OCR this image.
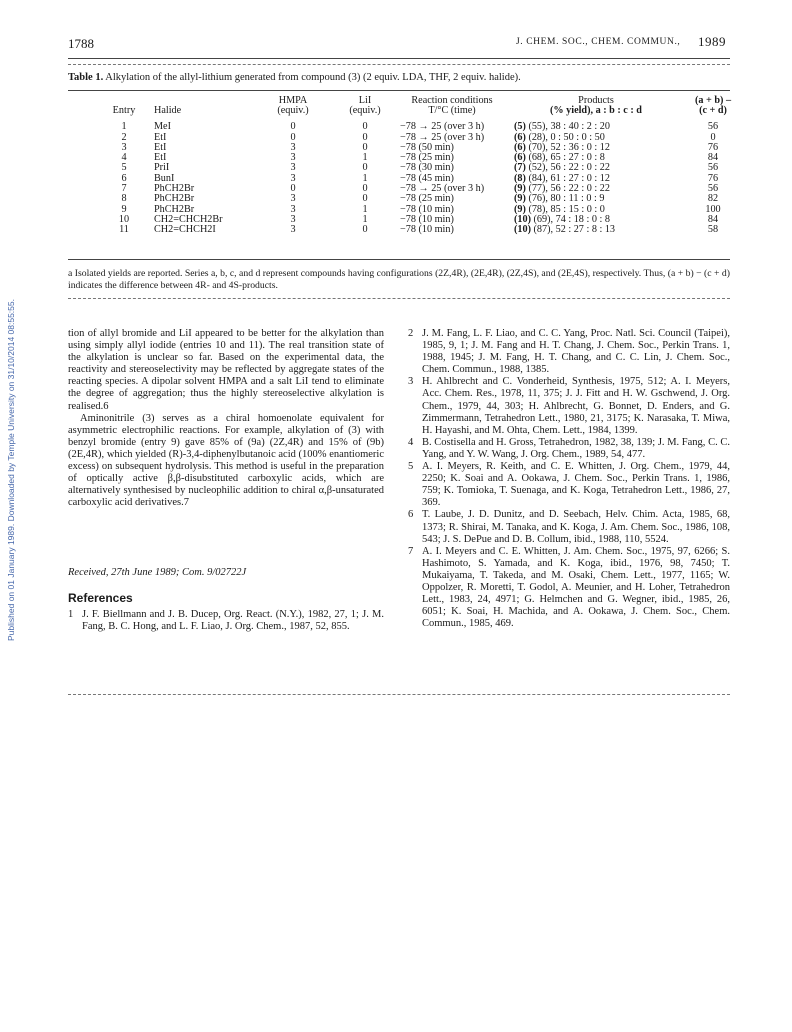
1788	J. CHEM. SOC., CHEM. COMMUN., 1989
Published on 01 January 1989. Downloaded by Temple University on 31/10/2014 08:55:55.
Table 1. Alkylation of the allyl-lithium generated from compound (3) (2 equiv. LDA, THF, 2 equiv. halide).
		HMPA	LiI	Reaction conditions	Products	(a + b) –
Entry	Halide	(equiv.)	(equiv.)	T/°C (time)	(% yield), a : b : c : d	(c + d)
1	MeI	0	0	−78 → 25 (over 3 h)	(5) (55), 38 : 40 : 2 : 20	56
2	EtI	0	0	−78 → 25 (over 3 h)	(6) (28), 0 : 50 : 0 : 50	0
3	EtI	3	0	−78 (50 min)	(6) (70), 52 : 36 : 0 : 12	76
4	EtI	3	1	−78 (25 min)	(6) (68), 65 : 27 : 0 : 8	84
5	PriI	3	0	−78 (30 min)	(7) (52), 56 : 22 : 0 : 22	56
6	BunI	3	1	−78 (45 min)	(8) (84), 61 : 27 : 0 : 12	76
7	PhCH2Br	0	0	−78 → 25 (over 3 h)	(9) (77), 56 : 22 : 0 : 22	56
8	PhCH2Br	3	0	−78 (25 min)	(9) (76), 80 : 11 : 0 : 9	82
9	PhCH2Br	3	1	−78 (10 min)	(9) (78), 85 : 15 : 0 : 0	100
10	CH2=CHCH2Br	3	1	−78 (10 min)	(10) (69), 74 : 18 : 0 : 8	84
11	CH2=CHCH2I	3	0	−78 (10 min)	(10) (87), 52 : 27 : 8 : 13	58
a Isolated yields are reported. Series a, b, c, and d represent compounds having configurations (2Z,4R), (2E,4R), (2Z,4S), and (2E,4S), respectively. Thus, (a + b) − (c + d) indicates the difference between 4R- and 4S-products.

tion of allyl bromide and LiI appeared to be better for the alkylation than using simply allyl iodide (entries 10 and 11). The real transition state of the alkylation is unclear so far. Based on the experimental data, the reactivity and stereoselectivity may be reflected by aggregate states of the reacting species. A dipolar solvent HMPA and a salt LiI tend to eliminate the degree of aggregation; thus the highly stereoselective alkylation is realised.6

Aminonitrile (3) serves as a chiral homoenolate equivalent for asymmetric electrophilic reactions. For example, alkylation of (3) with benzyl bromide (entry 9) gave 85% of (9a) (2Z,4R) and 15% of (9b) (2E,4R), which yielded (R)-3,4-diphenylbutanoic acid (100% enantiomeric excess) on subsequent hydrolysis. This method is useful in the preparation of optically active β,β-disubstituted carboxylic acids, which are alternatively synthesised by nucleophilic addition to chiral α,β-unsaturated carboxylic acid derivatives.7

Received, 27th June 1989; Com. 9/02722J
References
1 J. F. Biellmann and J. B. Ducep, Org. React. (N.Y.), 1982, 27, 1; J. M. Fang, B. C. Hong, and L. F. Liao, J. Org. Chem., 1987, 52, 855.
2 J. M. Fang, L. F. Liao, and C. C. Yang, Proc. Natl. Sci. Council (Taipei), 1985, 9, 1; J. M. Fang and H. T. Chang, J. Chem. Soc., Perkin Trans. 1, 1988, 1945; J. M. Fang, H. T. Chang, and C. C. Lin, J. Chem. Soc., Chem. Commun., 1988, 1385.
3 H. Ahlbrecht and C. Vonderheid, Synthesis, 1975, 512; A. I. Meyers, Acc. Chem. Res., 1978, 11, 375; J. J. Fitt and H. W. Gschwend, J. Org. Chem., 1979, 44, 303; H. Ahlbrecht, G. Bonnet, D. Enders, and G. Zimmermann, Tetrahedron Lett., 1980, 21, 3175; K. Narasaka, T. Miwa, H. Hayashi, and M. Ohta, Chem. Lett., 1984, 1399.
4 B. Costisella and H. Gross, Tetrahedron, 1982, 38, 139; J. M. Fang, C. C. Yang, and Y. W. Wang, J. Org. Chem., 1989, 54, 477.
5 A. I. Meyers, R. Keith, and C. E. Whitten, J. Org. Chem., 1979, 44, 2250; K. Soai and A. Ookawa, J. Chem. Soc., Perkin Trans. 1, 1986, 759; K. Tomioka, T. Suenaga, and K. Koga, Tetrahedron Lett., 1986, 27, 369.
6 T. Laube, J. D. Dunitz, and D. Seebach, Helv. Chim. Acta, 1985, 68, 1373; R. Shirai, M. Tanaka, and K. Koga, J. Am. Chem. Soc., 1986, 108, 543; J. S. DePue and D. B. Collum, ibid., 1988, 110, 5524.
7 A. I. Meyers and C. E. Whitten, J. Am. Chem. Soc., 1975, 97, 6266; S. Hashimoto, S. Yamada, and K. Koga, ibid., 1976, 98, 7450; T. Mukaiyama, T. Takeda, and M. Osaki, Chem. Lett., 1977, 1165; W. Oppolzer, R. Moretti, T. Godol, A. Meunier, and H. Loher, Tetrahedron Lett., 1983, 24, 4971; G. Helmchen and G. Wegner, ibid., 1985, 26, 6051; K. Soai, H. Machida, and A. Ookawa, J. Chem. Soc., Chem. Commun., 1985, 469.
